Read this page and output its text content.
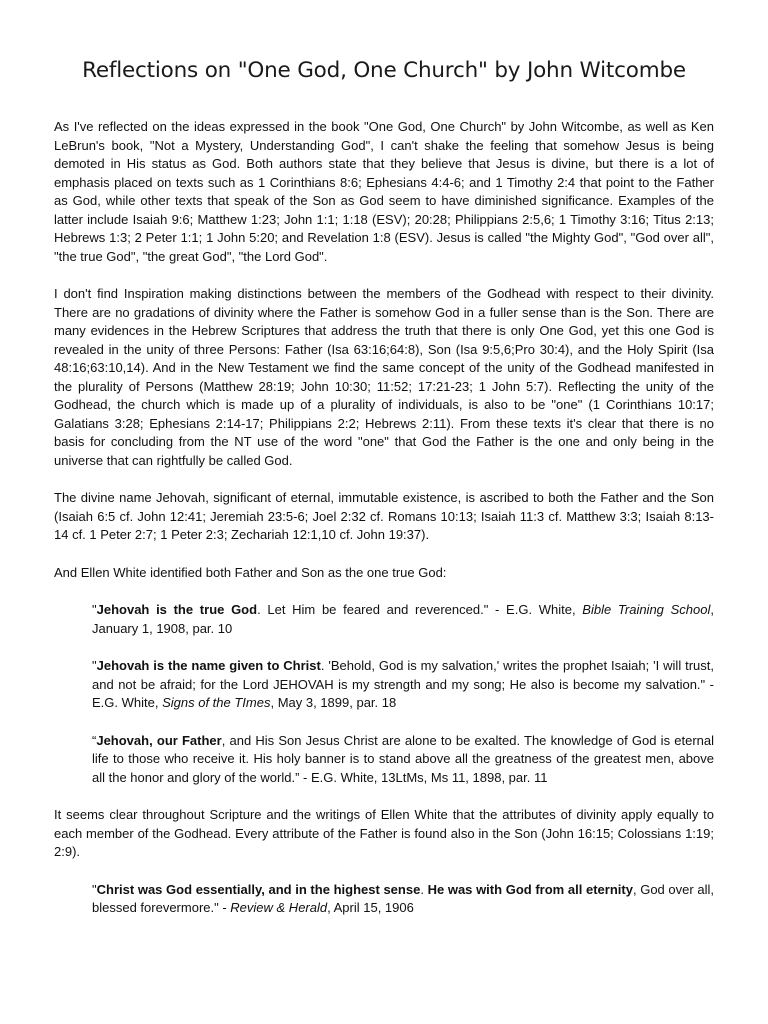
Reflections on "One God, One Church" by John Witcombe

As I've reflected on the ideas expressed in the book "One God, One Church" by John Witcombe, as well as Ken LeBrun's book, "Not a Mystery, Understanding God", I can't shake the feeling that somehow Jesus is being demoted in His status as God. Both authors state that they believe that Jesus is divine, but there is a lot of emphasis placed on texts such as 1 Corinthians 8:6; Ephesians 4:4-6; and 1 Timothy 2:4 that point to the Father as God, while other texts that speak of the Son as God seem to have diminished significance. Examples of the latter include Isaiah 9:6; Matthew 1:23; John 1:1; 1:18 (ESV); 20:28; Philippians 2:5,6; 1 Timothy 3:16; Titus 2:13; Hebrews 1:3; 2 Peter 1:1; 1 John 5:20; and Revelation 1:8 (ESV). Jesus is called "the Mighty God", "God over all", "the true God", "the great God", "the Lord God".

I don't find Inspiration making distinctions between the members of the Godhead with respect to their divinity. There are no gradations of divinity where the Father is somehow God in a fuller sense than is the Son. There are many evidences in the Hebrew Scriptures that address the truth that there is only One God, yet this one God is revealed in the unity of three Persons: Father (Isa 63:16;64:8), Son (Isa 9:5,6;Pro 30:4), and the Holy Spirit (Isa 48:16;63:10,14). And in the New Testament we find the same concept of the unity of the Godhead manifested in the plurality of Persons (Matthew 28:19; John 10:30; 11:52; 17:21-23; 1 John 5:7). Reflecting the unity of the Godhead, the church which is made up of a plurality of individuals, is also to be "one" (1 Corinthians 10:17; Galatians 3:28; Ephesians 2:14-17; Philippians 2:2; Hebrews 2:11). From these texts it's clear that there is no basis for concluding from the NT use of the word "one" that God the Father is the one and only being in the universe that can rightfully be called God.

The divine name Jehovah, significant of eternal, immutable existence, is ascribed to both the Father and the Son (Isaiah 6:5 cf. John 12:41; Jeremiah 23:5-6; Joel 2:32 cf. Romans 10:13; Isaiah 11:3 cf. Matthew 3:3; Isaiah 8:13-14 cf. 1 Peter 2:7; 1 Peter 2:3; Zechariah 12:1,10 cf. John 19:37).

And Ellen White identified both Father and Son as the one true God:

"Jehovah is the true God. Let Him be feared and reverenced." - E.G. White, Bible Training School, January 1, 1908, par. 10

"Jehovah is the name given to Christ. 'Behold, God is my salvation,' writes the prophet Isaiah; 'I will trust, and not be afraid; for the Lord JEHOVAH is my strength and my song; He also is become my salvation." - E.G. White, Signs of the TImes, May 3, 1899, par. 18

“Jehovah, our Father, and His Son Jesus Christ are alone to be exalted. The knowledge of God is eternal life to those who receive it. His holy banner is to stand above all the greatness of the greatest men, above all the honor and glory of the world.” - E.G. White, 13LtMs, Ms 11, 1898, par. 11

It seems clear throughout Scripture and the writings of Ellen White that the attributes of divinity apply equally to each member of the Godhead. Every attribute of the Father is found also in the Son (John 16:15; Colossians 1:19; 2:9).

"Christ was God essentially, and in the highest sense. He was with God from all eternity, God over all, blessed forevermore." - Review & Herald, April 15, 1906
